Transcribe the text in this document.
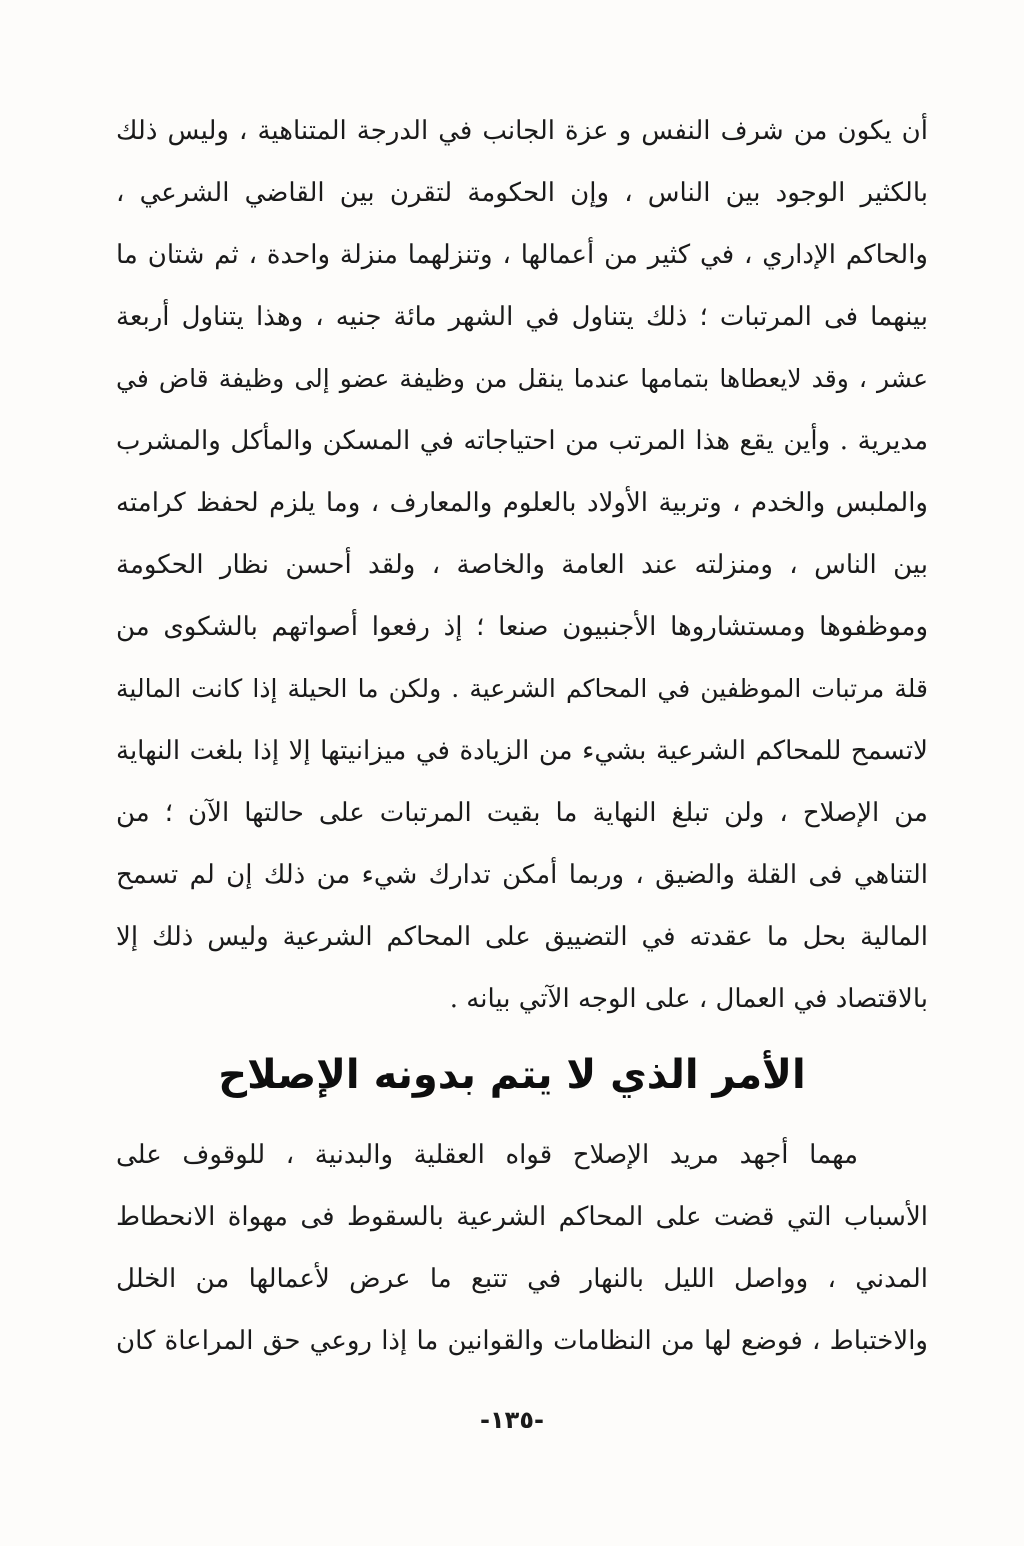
أن يكون من شرف النفس و عزة الجانب في الدرجة المتناهية ، وليس ذلك
بالكثير الوجود بين الناس ، وإن الحكومة لتقرن بين القاضي الشرعي ،
والحاكم الإداري ، في كثير من أعمالها ، وتنزلهما منزلة واحدة ، ثم شتان ما
بينهما فى المرتبات ؛ ذلك يتناول في الشهر مائة جنيه ، وهذا يتناول أربعة
عشر ، وقد لايعطاها بتمامها عندما ينقل من وظيفة عضو إلى وظيفة قاض في
مديرية . وأين يقع هذا المرتب من احتياجاته في المسكن والمأكل والمشرب
والملبس والخدم ، وتربية الأولاد بالعلوم والمعارف ، وما يلزم لحفظ كرامته
بين الناس ، ومنزلته عند العامة والخاصة ، ولقد أحسن نظار الحكومة
وموظفوها ومستشاروها الأجنبيون صنعا ؛ إذ رفعوا أصواتهم بالشكوى من
قلة مرتبات الموظفين في المحاكم الشرعية . ولكن ما الحيلة إذا كانت المالية
لاتسمح للمحاكم الشرعية بشيء من الزيادة في ميزانيتها إلا إذا بلغت النهاية
من الإصلاح ، ولن تبلغ النهاية ما بقيت المرتبات على حالتها الآن ؛ من
التناهي فى القلة والضيق ، وربما أمكن تدارك شيء من ذلك إن لم تسمح
المالية بحل ما عقدته في التضييق على المحاكم الشرعية وليس ذلك إلا
بالاقتصاد في العمال ، على الوجه الآتي بيانه .
الأمر الذي لا يتم بدونه الإصلاح
مهما أجهد مريد الإصلاح قواه العقلية والبدنية ، للوقوف على
الأسباب التي قضت على المحاكم الشرعية بالسقوط فى مهواة الانحطاط
المدني ، وواصل الليل بالنهار في تتبع ما عرض لأعمالها من الخلل
والاختباط ، فوضع لها من النظامات والقوانين ما إذا روعي حق المراعاة كان
-١٣٥-
